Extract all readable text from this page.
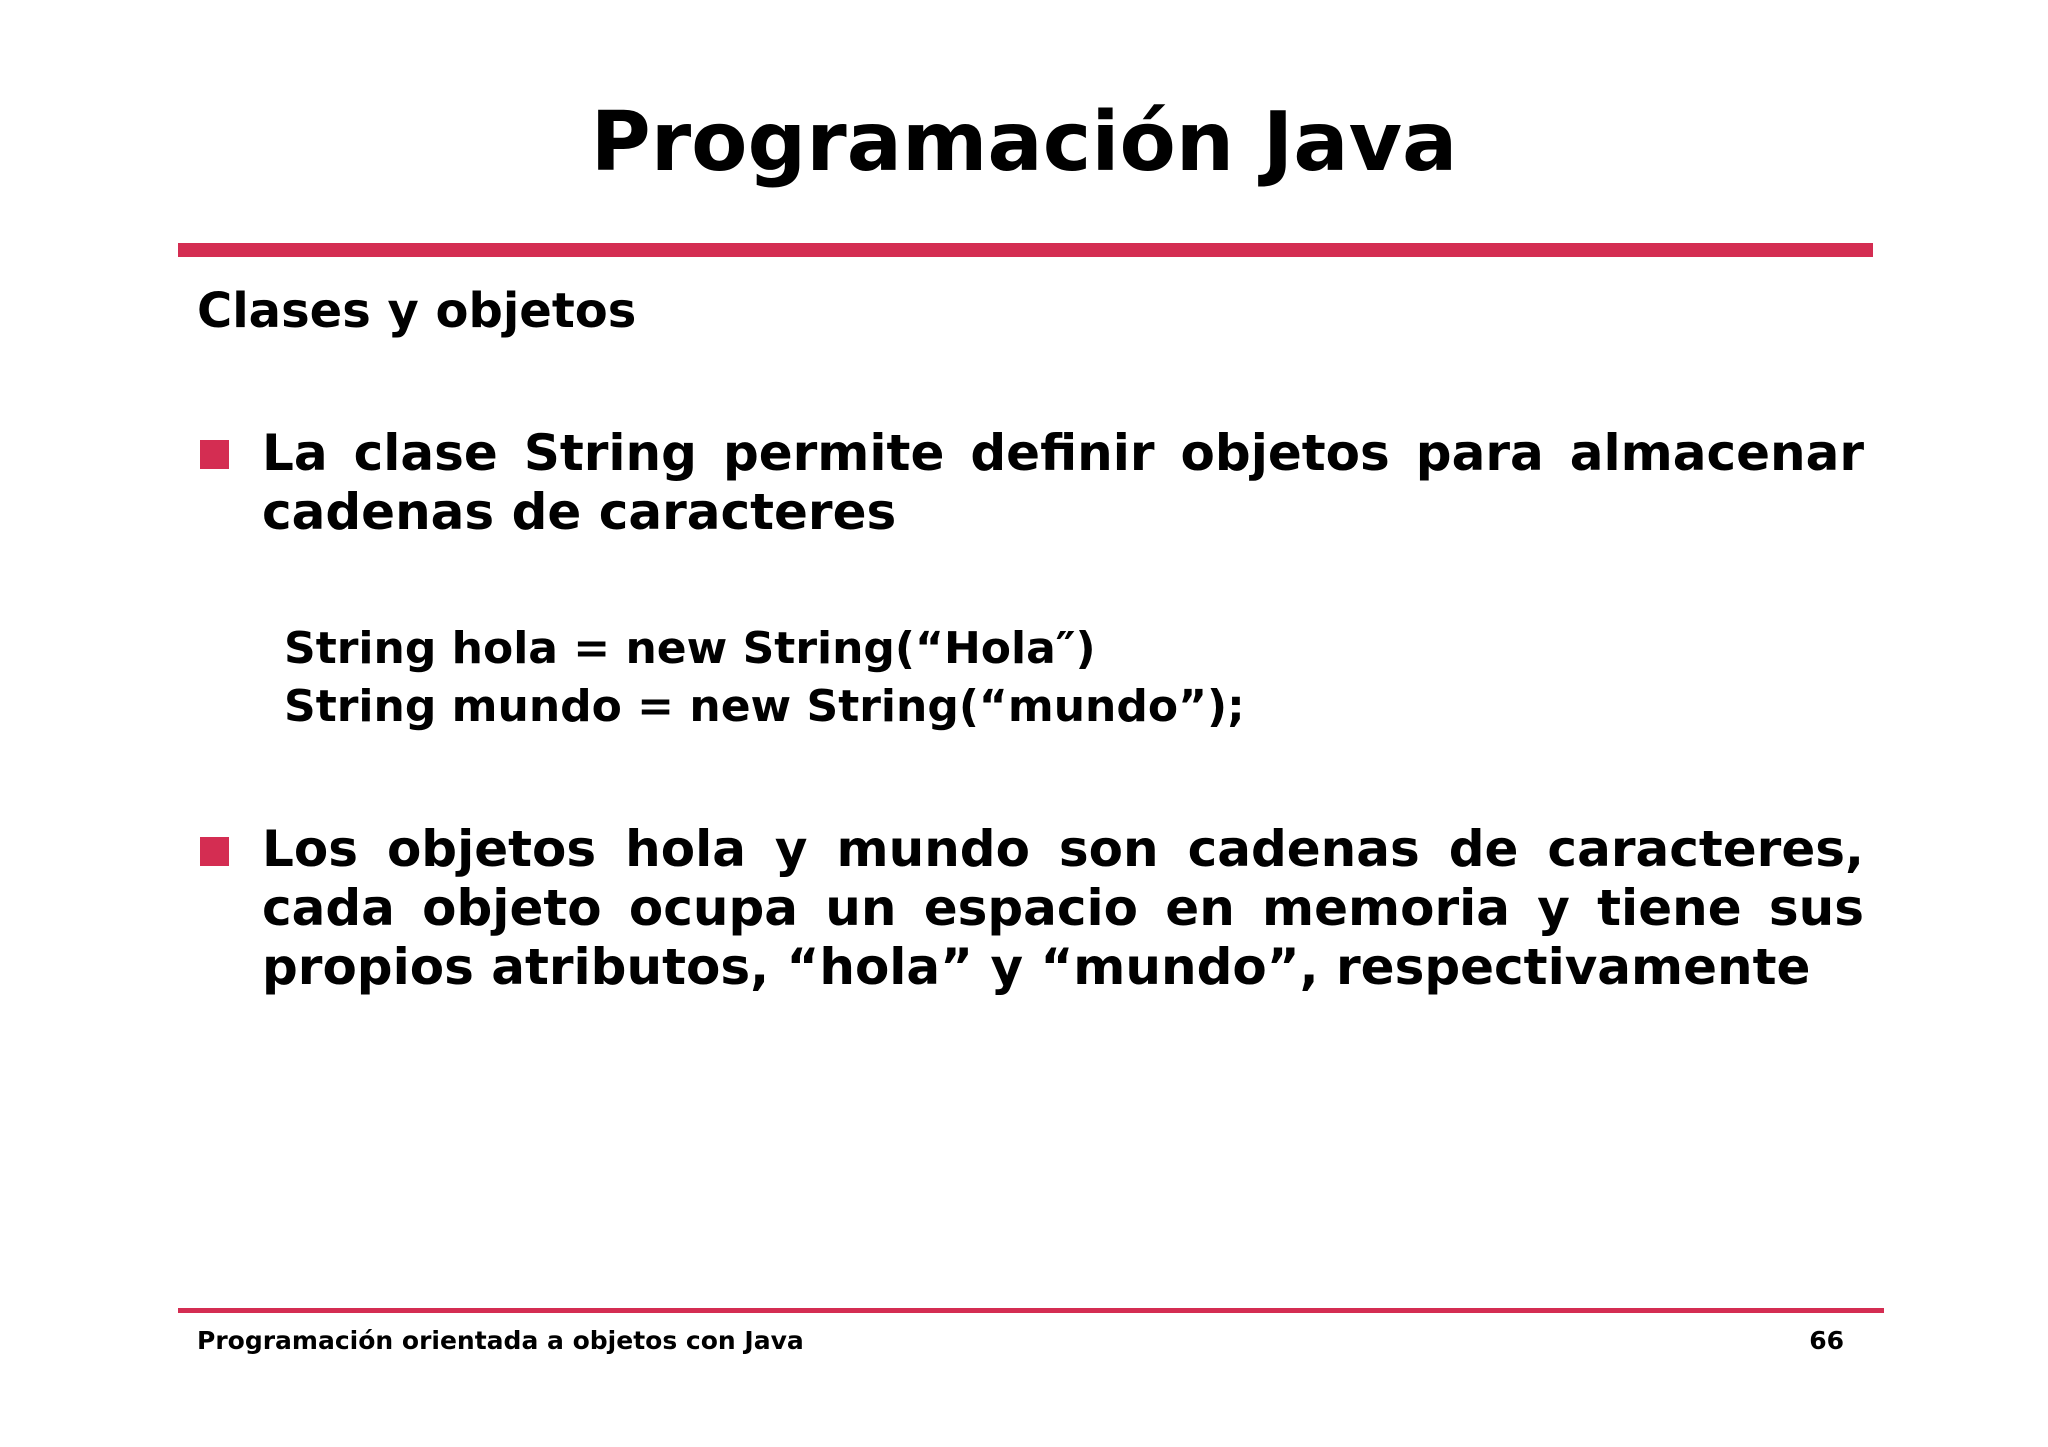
Programación Java
Clases y objetos
La clase String permite definir objetos para almacenar cadenas de caracteres
String hola = new String(“Hola″)
String mundo = new String(“mundo”);
Los objetos hola y mundo son cadenas de caracteres, cada objeto ocupa un espacio en memoria y tiene sus propios atributos, “hola” y “mundo”, respectivamente
Programación orientada a objetos con Java	66
